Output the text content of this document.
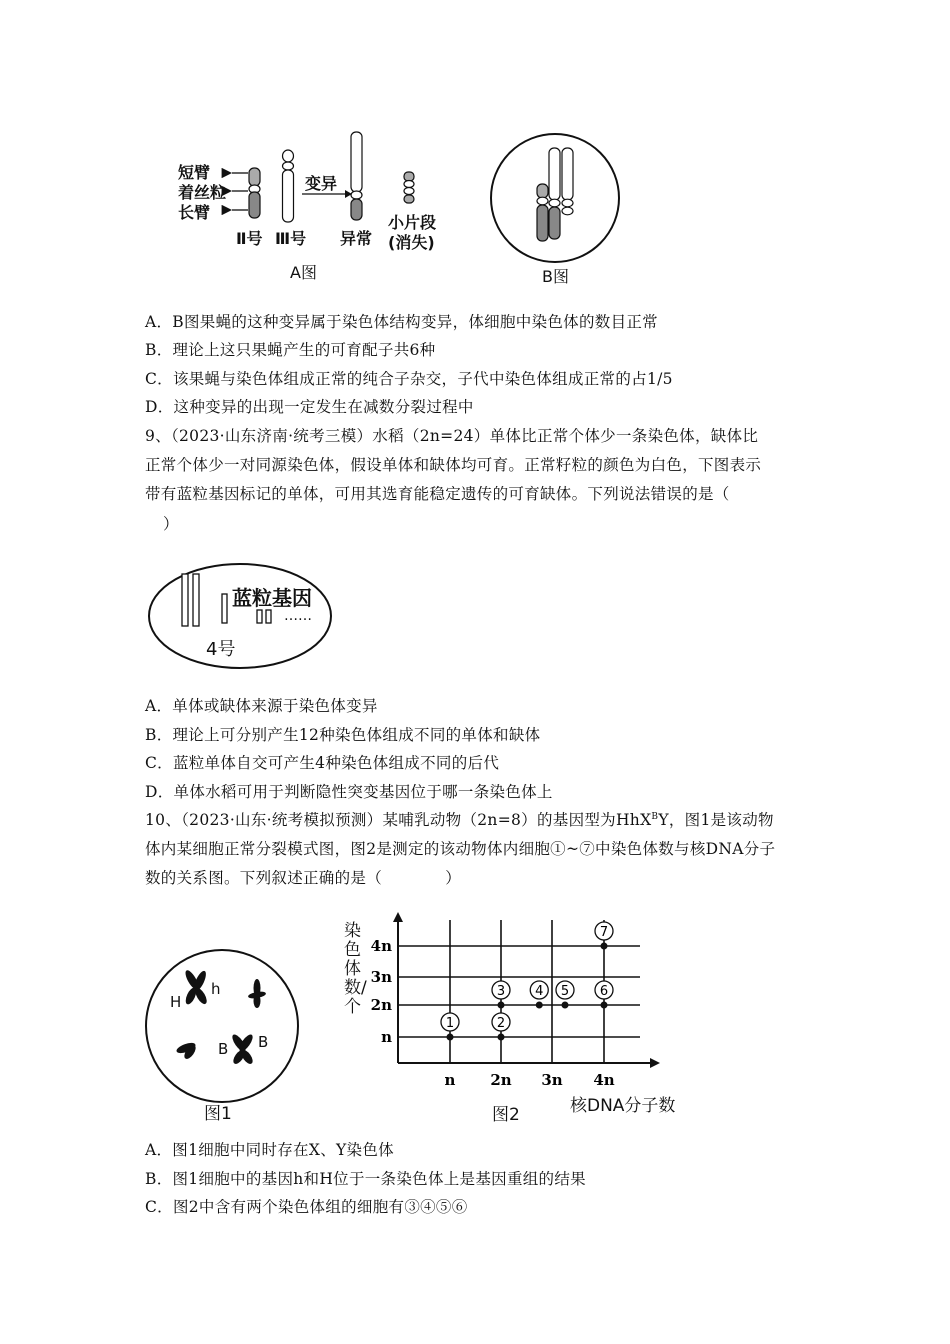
短臂
着丝粒
长臂
Ⅱ号 Ⅲ号
变异
异常
小片段
(消失)
A图	B图
A．B图果蝇的这种变异属于染色体结构变异，体细胞中染色体的数目正常
B．理论上这只果蝇产生的可育配子共6种
C．该果蝇与染色体组成正常的纯合子杂交，子代中染色体组成正常的占1/5
D．这种变异的出现一定发生在减数分裂过程中
9、（2023·山东济南·统考三模）水稻（2n=24）单体比正常个体少一条染色体，缺体比
正常个体少一对同源染色体，假设单体和缺体均可育。正常籽粒的颜色为白色，下图表示
带有蓝粒基因标记的单体，可用其选育能稳定遗传的可育缺体。下列说法错误的是（
）
蓝粒基因
……
4号
A．单体或缺体来源于染色体变异
B．理论上可分别产生12种染色体组成不同的单体和缺体
C．蓝粒单体自交可产生4种染色体组成不同的后代
D．单体水稻可用于判断隐性突变基因位于哪一条染色体上
10、（2023·山东·统考模拟预测）某哺乳动物（2n=8）的基因型为HhX$^B$Y，图1是该动物
体内某细胞正常分裂模式图，图2是测定的该动物体内细胞①~⑦中染色体数与核DNA分子
数的关系图。下列叙述正确的是（　　　　）
H
h
B B
图1
n 2n 3n 4n
n
2n
3n
4n
1	2
3 4 5 6
7
染色体数/个
核DNA分子数
图2
A．图1细胞中同时存在X、Y染色体
B．图1细胞中的基因h和H位于一条染色体上是基因重组的结果
C．图2中含有两个染色体组的细胞有③④⑤⑥
